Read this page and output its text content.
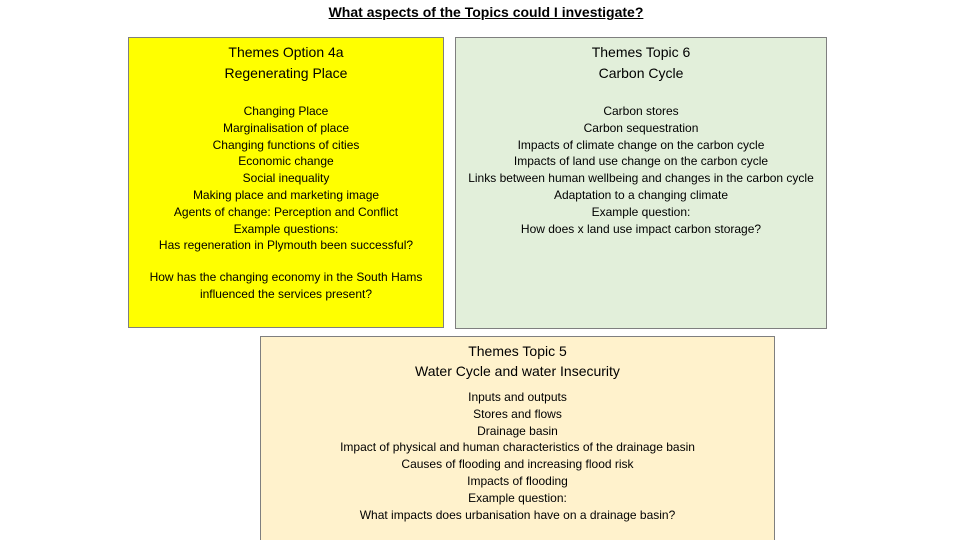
What aspects of the Topics could I investigate?
Themes Option 4a
Regenerating Place
Changing Place
Marginalisation of place
Changing functions of cities
Economic change
Social inequality
Making place and marketing image
Agents of change: Perception and Conflict
Example questions:
Has regeneration in Plymouth been successful?
How has the changing economy in the South Hams influenced the services present?
Themes Topic 6
Carbon Cycle
Carbon stores
Carbon sequestration
Impacts of climate change on the carbon cycle
Impacts of land use change on the carbon cycle
Links between human wellbeing and changes in the carbon cycle
Adaptation to a changing climate
Example question:
How does x land use impact carbon storage?
Themes Topic 5
Water Cycle and water Insecurity
Inputs and outputs
Stores and flows
Drainage basin
Impact of physical and human characteristics of the drainage basin
Causes of flooding and increasing flood risk
Impacts of flooding
Example question:
What impacts does urbanisation have on a drainage basin?
